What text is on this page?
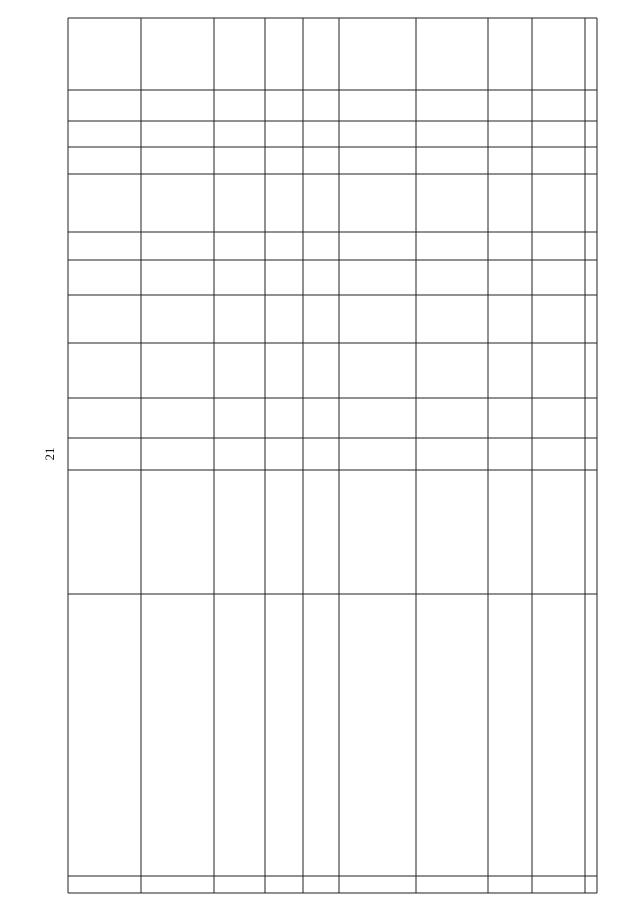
21
